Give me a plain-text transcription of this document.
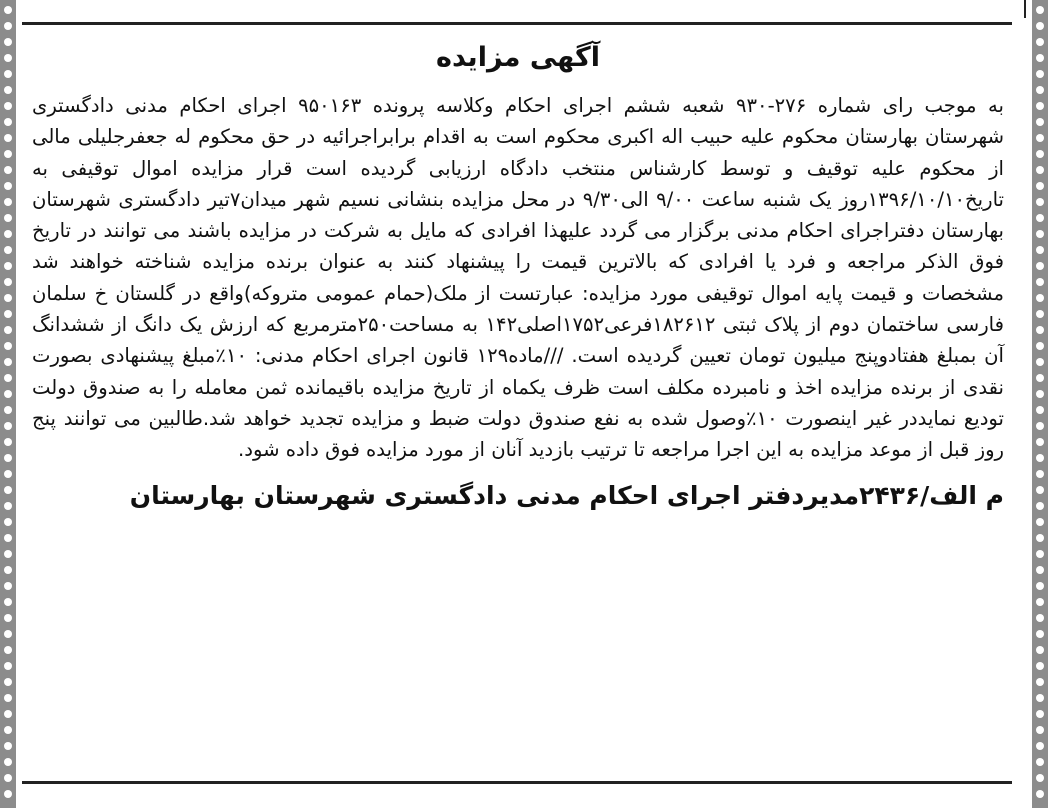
آگهی مزایده

به موجب رای شماره ۲۷۶-۹۳۰ شعبه ششم اجرای احکام وکلاسه پرونده ۹۵۰۱۶۳ اجرای احکام مدنی دادگستری شهرستان بهارستان محکوم علیه حبیب اله اکبری محکوم است به اقدام برابراجرائیه در حق محکوم له جعفرجلیلی مالی از محکوم علیه توقیف و توسط کارشناس منتخب دادگاه ارزیابی گردیده است قرار مزایده اموال توقیفی به تاریخ۱۳۹۶/۱۰/۱۰روز یک شنبه ساعت ۹/۰۰ الی۹/۳۰ در محل مزایده بنشانی نسیم شهر میدان۷تیر دادگستری شهرستان بهارستان دفتراجرای احکام مدنی برگزار می گردد علیهذا افرادی که مایل به شرکت در مزایده باشند می توانند در تاریخ فوق الذکر مراجعه و فرد یا افرادی که بالاترین قیمت را پیشنهاد کنند به عنوان برنده مزایده شناخته خواهند شد مشخصات و قیمت پایه اموال توقیفی مورد مزایده: عبارتست از ملک(حمام عمومی متروکه)واقع در گلستان خ سلمان فارسی ساختمان دوم از پلاک ثبتی ۱۸۲۶۱۲فرعی۱۷۵۲اصلی۱۴۲ به مساحت۲۵۰مترمربع که ارزش یک دانگ از ششدانگ آن بمبلغ هفتادوپنج میلیون تومان تعیین گردیده است. ///ماده۱۲۹ قانون اجرای احکام مدنی: ۱۰٪مبلغ پیشنهادی بصورت نقدی از برنده مزایده اخذ و نامبرده مکلف است ظرف یکماه از تاریخ مزایده باقیمانده ثمن معامله را به صندوق دولت تودیع نمایددر غیر اینصورت ۱۰٪وصول شده به نفع صندوق دولت ضبط و مزایده تجدید خواهد شد.طالبین می توانند پنج روز قبل از موعد مزایده به این اجرا مراجعه تا ترتیب بازدید آنان از مورد مزایده فوق داده شود.

م الف/۲۴۳۶مدیردفتر اجرای احکام مدنی دادگستری شهرستان بهارستان
